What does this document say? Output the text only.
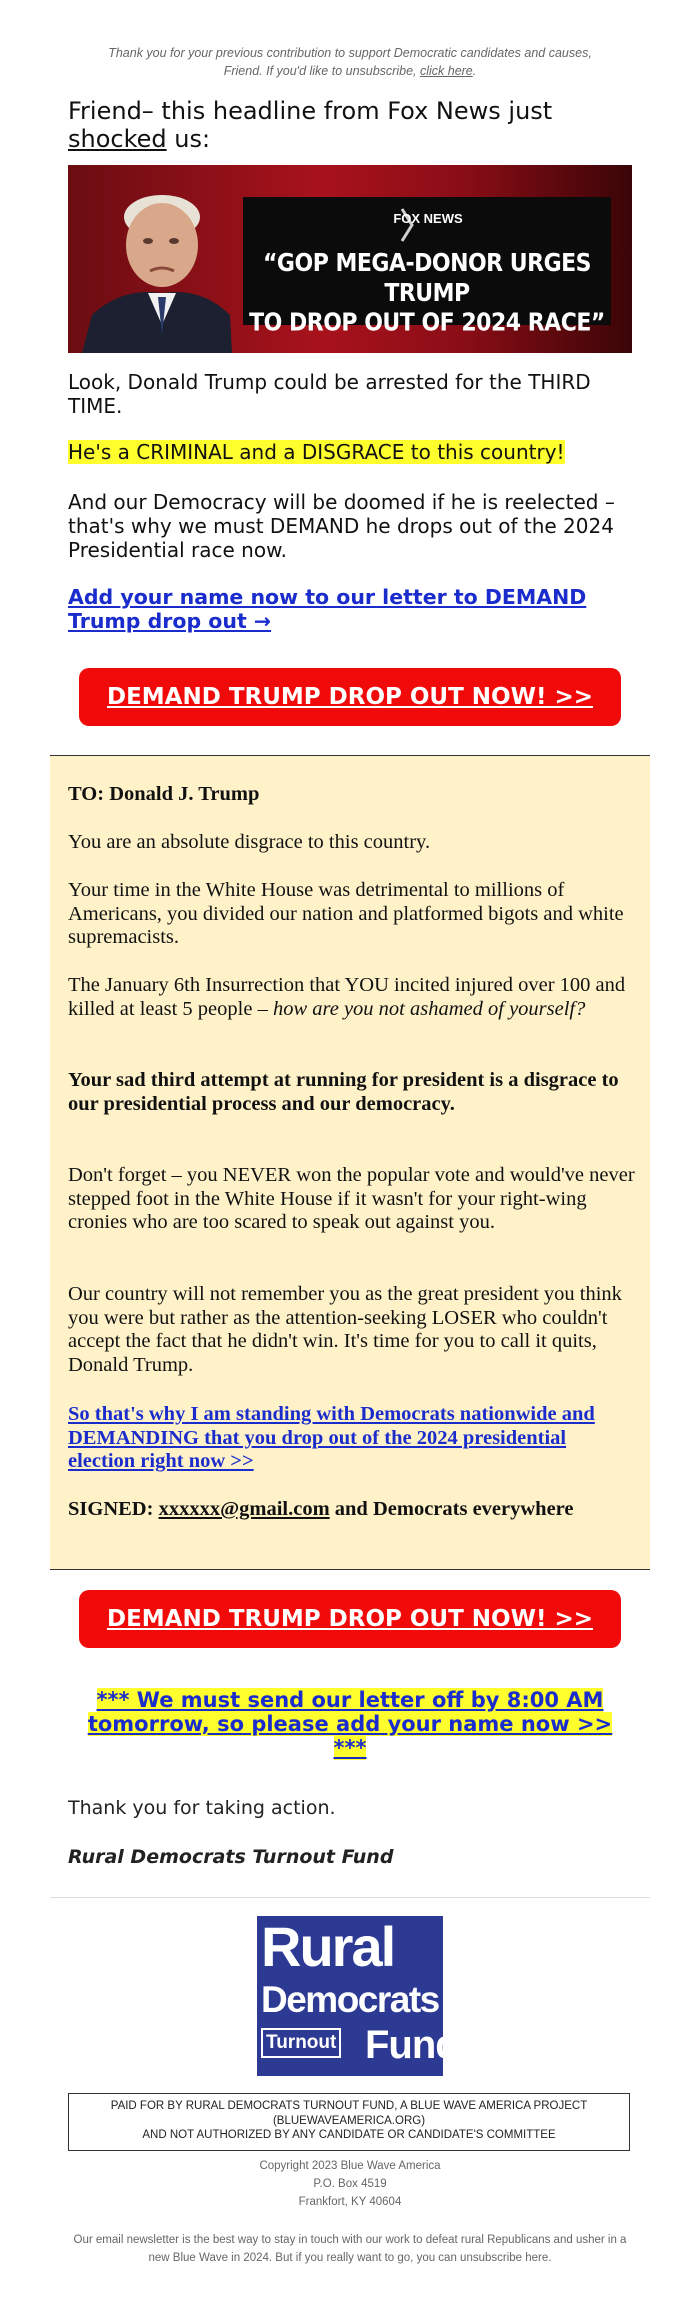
Thank you for your previous contribution to support Democratic candidates and causes, Friend. If you'd like to unsubscribe, click here.
Friend– this headline from Fox News just shocked us:
FOX NEWS
“GOP MEGA-DONOR URGES TRUMP
TO DROP OUT OF 2024 RACE”
Look, Donald Trump could be arrested for the THIRD TIME.
He's a CRIMINAL and a DISGRACE to this country!
And our Democracy will be doomed if he is reelected – that's why we must DEMAND he drops out of the 2024 Presidential race now.
Add your name now to our letter to DEMAND Trump drop out →
DEMAND TRUMP DROP OUT NOW! >>
TO: Donald J. Trump
You are an absolute disgrace to this country.
Your time in the White House was detrimental to millions of Americans, you divided our nation and platformed bigots and white supremacists.
The January 6th Insurrection that YOU incited injured over 100 and killed at least 5 people – how are you not ashamed of yourself?
Your sad third attempt at running for president is a disgrace to our presidential process and our democracy.
Don't forget – you NEVER won the popular vote and would've never stepped foot in the White House if it wasn't for your right-wing cronies who are too scared to speak out against you.
Our country will not remember you as the great president you think you were but rather as the attention-seeking LOSER who couldn't accept the fact that he didn't win. It's time for you to call it quits, Donald Trump.
So that's why I am standing with Democrats nationwide and DEMANDING that you drop out of the 2024 presidential election right now >>
SIGNED: xxxxxx@gmail.com and Democrats everywhere
DEMAND TRUMP DROP OUT NOW! >>
*** We must send our letter off by 8:00 AM tomorrow, so please add your name now >> ***
Thank you for taking action.
Rural Democrats Turnout Fund
Rural
Democrats
Turnout Fund
PAID FOR BY RURAL DEMOCRATS TURNOUT FUND, A BLUE WAVE AMERICA PROJECT
(BLUEWAVEAMERICA.ORG)
AND NOT AUTHORIZED BY ANY CANDIDATE OR CANDIDATE'S COMMITTEE
Copyright 2023 Blue Wave America
P.O. Box 4519
Frankfort, KY 40604
Our email newsletter is the best way to stay in touch with our work to defeat rural Republicans and usher in a new Blue Wave in 2024. But if you really want to go, you can unsubscribe here.
